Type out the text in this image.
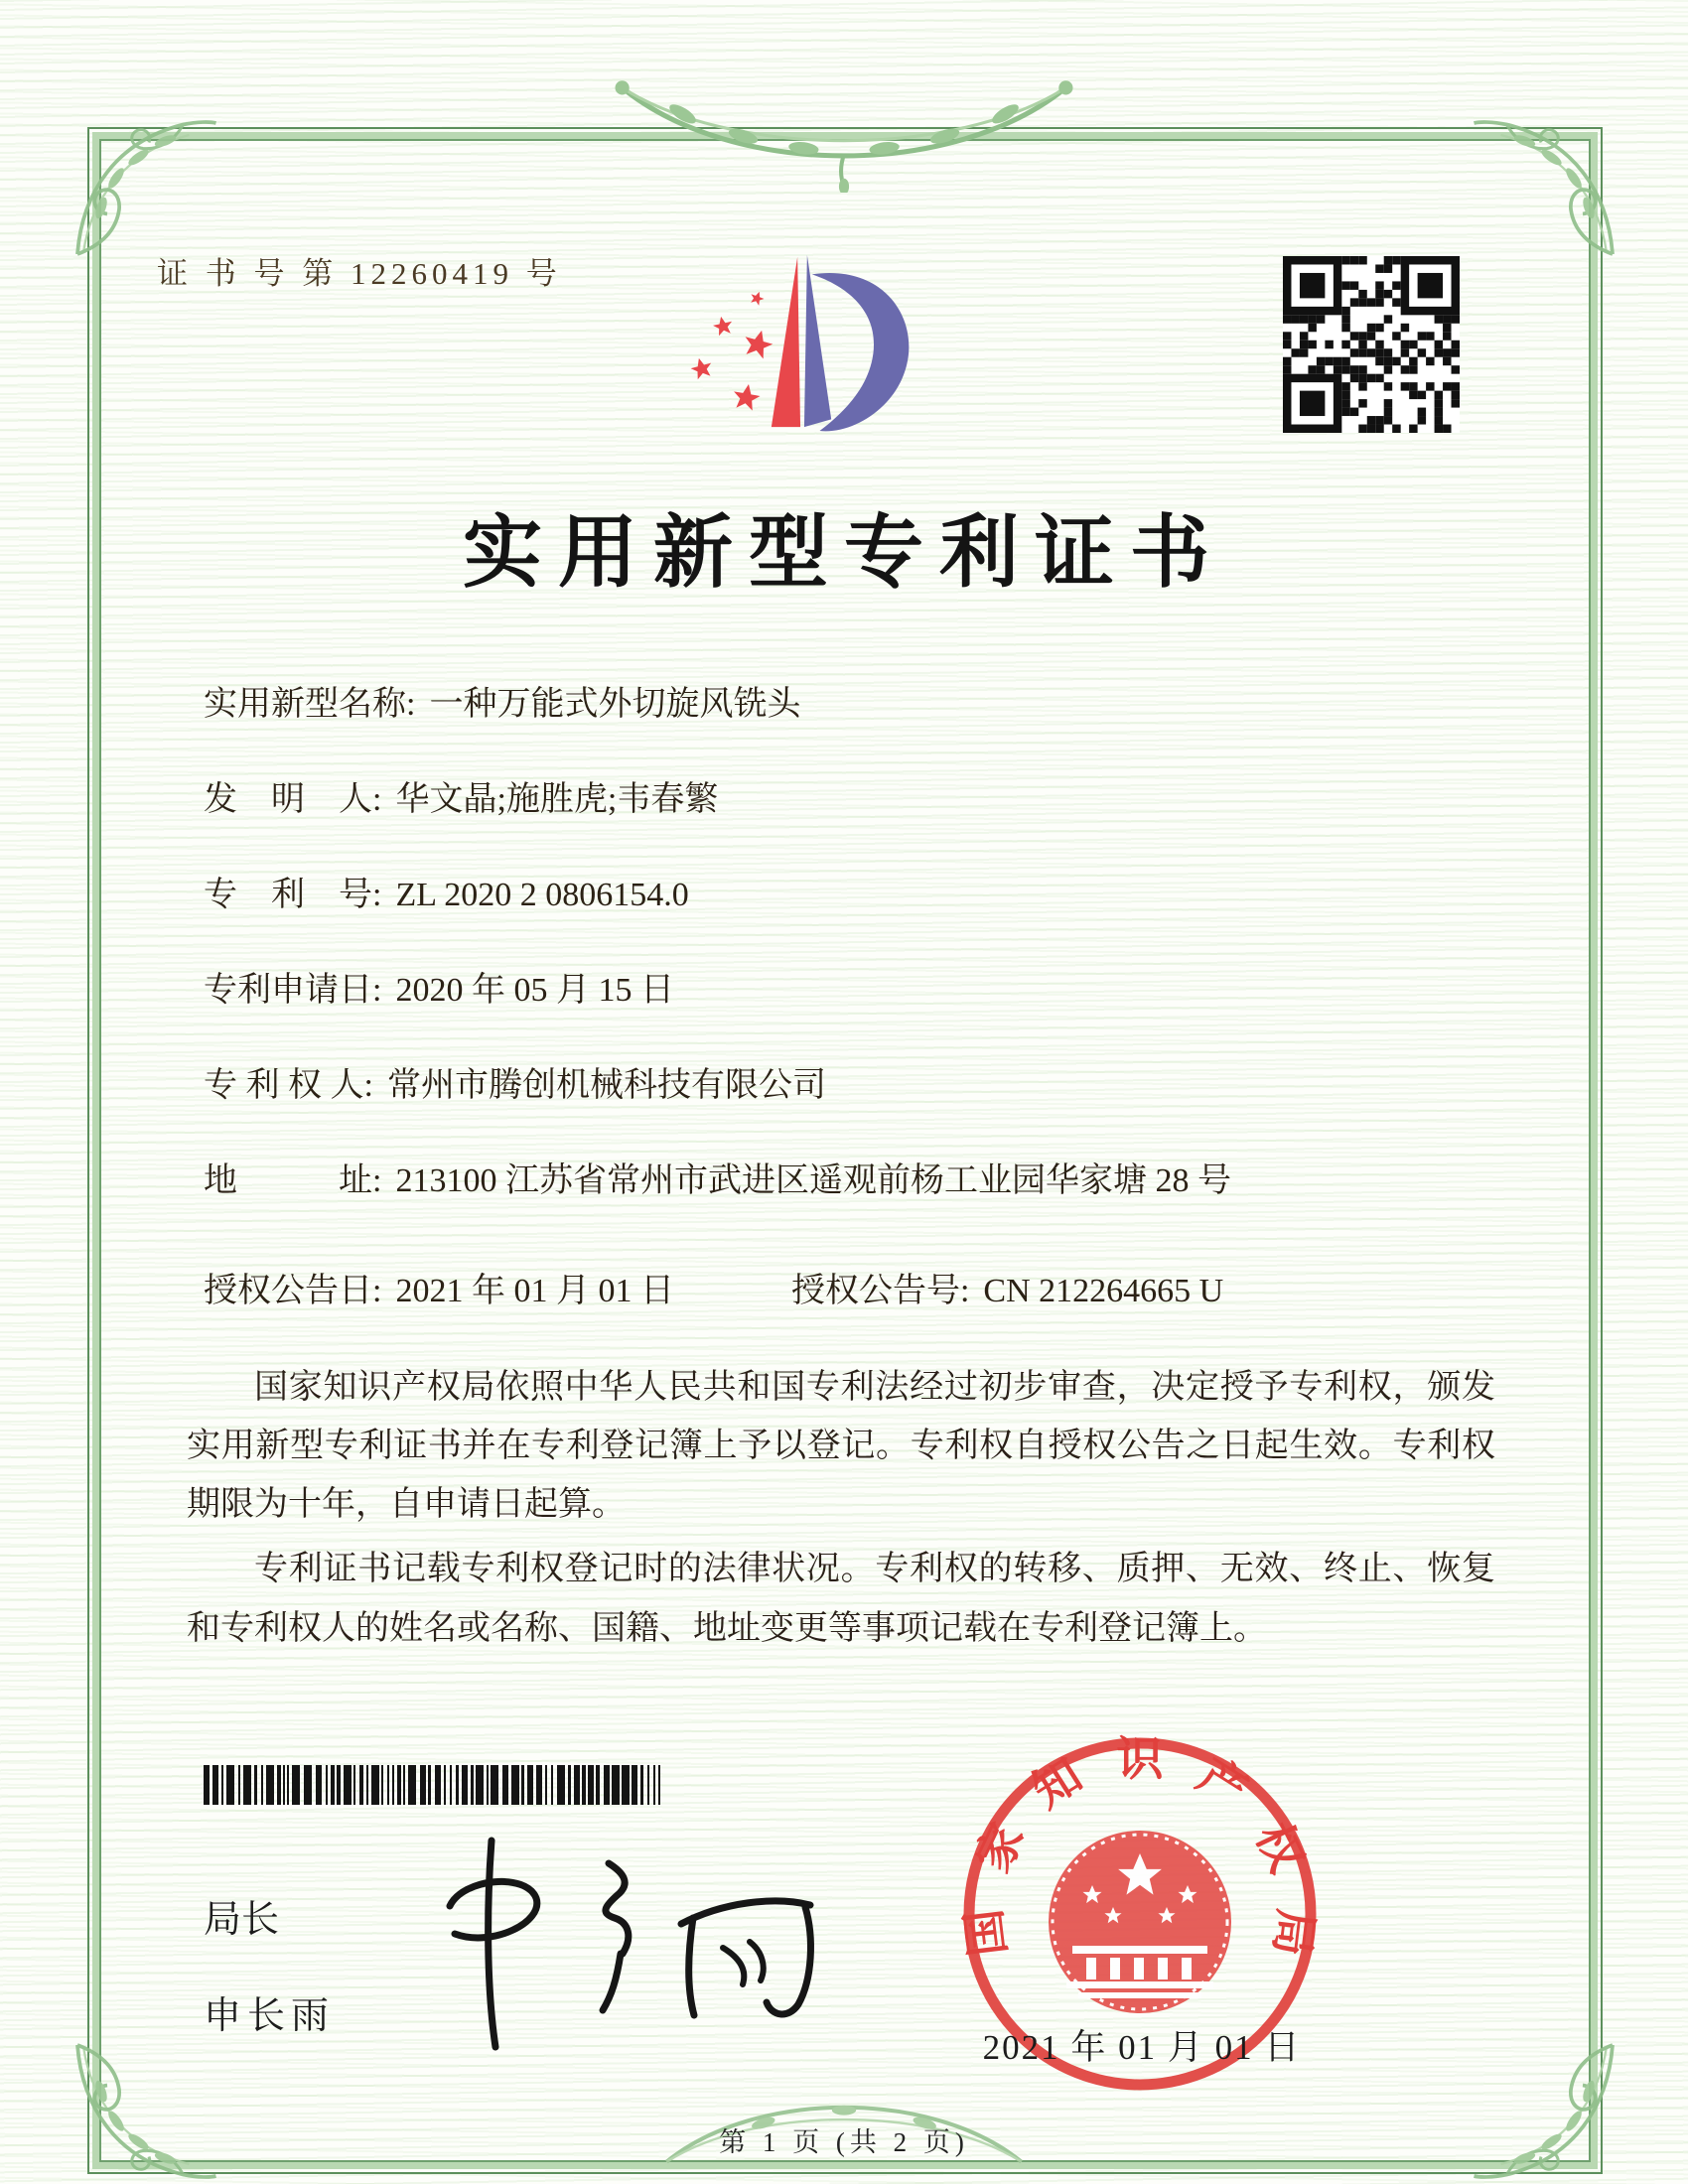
证 书 号 第 12260419 号
实用新型专利证书
实用新型名称: 一种万能式外切旋风铣头
发　明　人: 华文晶;施胜虎;韦春繁
专　利　号: ZL 2020 2 0806154.0
专利申请日: 2020 年 05 月 15 日
专 利 权 人: 常州市腾创机械科技有限公司
地　　　址: 213100 江苏省常州市武进区遥观前杨工业园华家塘 28 号
授权公告日: 2021 年 01 月 01 日	授权公告号: CN 212264665 U

国家知识产权局依照中华人民共和国专利法经过初步审查，决定授予专利权，颁发实用新型专利证书并在专利登记簿上予以登记。专利权自授权公告之日起生效。专利权期限为十年，自申请日起算。

专利证书记载专利权登记时的法律状况。专利权的转移、质押、无效、终止、恢复和专利权人的姓名或名称、国籍、地址变更等事项记载在专利登记簿上。

局长
申长雨
国家知识产权局
2021 年 01 月 01 日
第 1 页 (共 2 页)
